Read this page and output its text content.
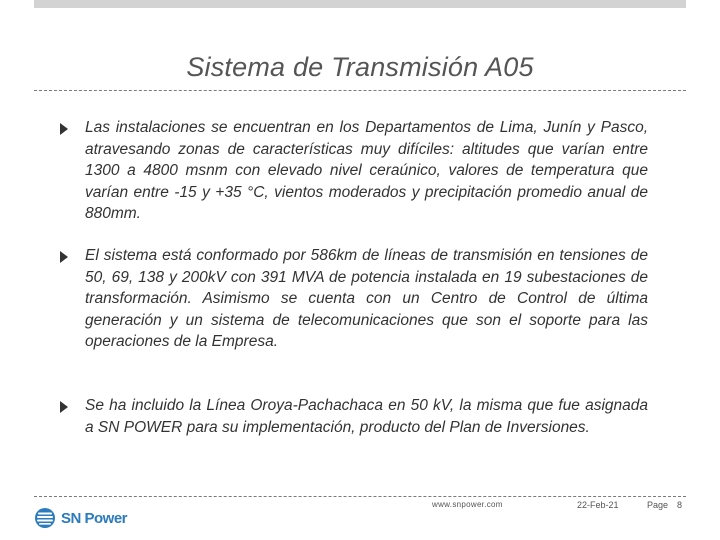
Sistema de Transmisión A05
Las instalaciones se encuentran en los Departamentos de Lima, Junín y Pasco, atravesando zonas de características muy difíciles: altitudes que varían entre 1300 a 4800 msnm con elevado nivel ceraúnico, valores de temperatura que varían entre -15 y +35 °C, vientos moderados y precipitación promedio anual de 880mm.
El sistema está conformado por 586km de líneas de transmisión en tensiones de 50, 69, 138 y 200kV con 391 MVA de potencia instalada en 19 subestaciones de transformación. Asimismo se cuenta con un Centro de Control de última generación y un sistema de telecomunicaciones que son el soporte para las operaciones de la Empresa.
Se ha incluido la Línea Oroya-Pachachaca en 50 kV, la misma que fue asignada a SN POWER para su implementación, producto del Plan de Inversiones.
SN Power
www.snpower.com	22-Feb-21	Page 8
